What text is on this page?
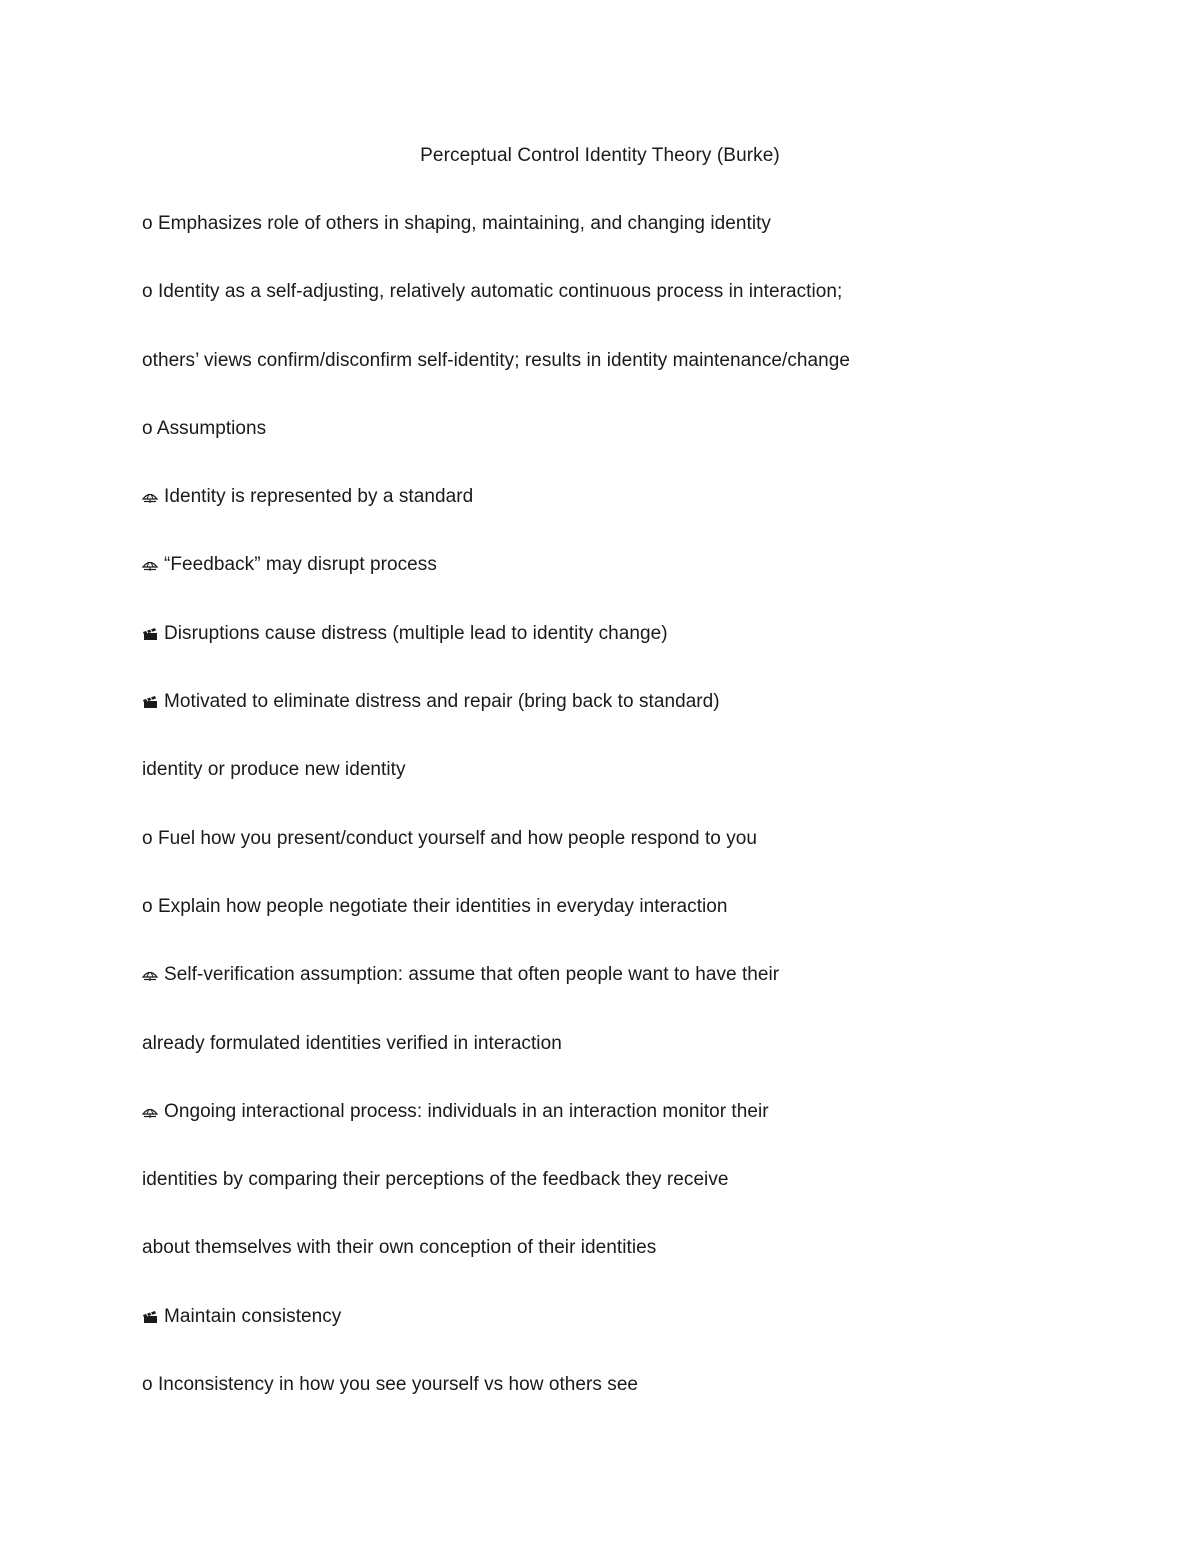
Perceptual Control Identity Theory (Burke)
o Emphasizes role of others in shaping, maintaining, and changing identity
o Identity as a self-adjusting, relatively automatic continuous process in interaction;
others’ views confirm/disconfirm self-identity; results in identity maintenance/change
o Assumptions
Identity is represented by a standard
“Feedback” may disrupt process
Disruptions cause distress (multiple lead to identity change)
Motivated to eliminate distress and repair (bring back to standard)
identity or produce new identity
o Fuel how you present/conduct yourself and how people respond to you
o Explain how people negotiate their identities in everyday interaction
Self-verification assumption: assume that often people want to have their
already formulated identities verified in interaction
Ongoing interactional process: individuals in an interaction monitor their
identities by comparing their perceptions of the feedback they receive
about themselves with their own conception of their identities
Maintain consistency
o Inconsistency in how you see yourself vs how others see
